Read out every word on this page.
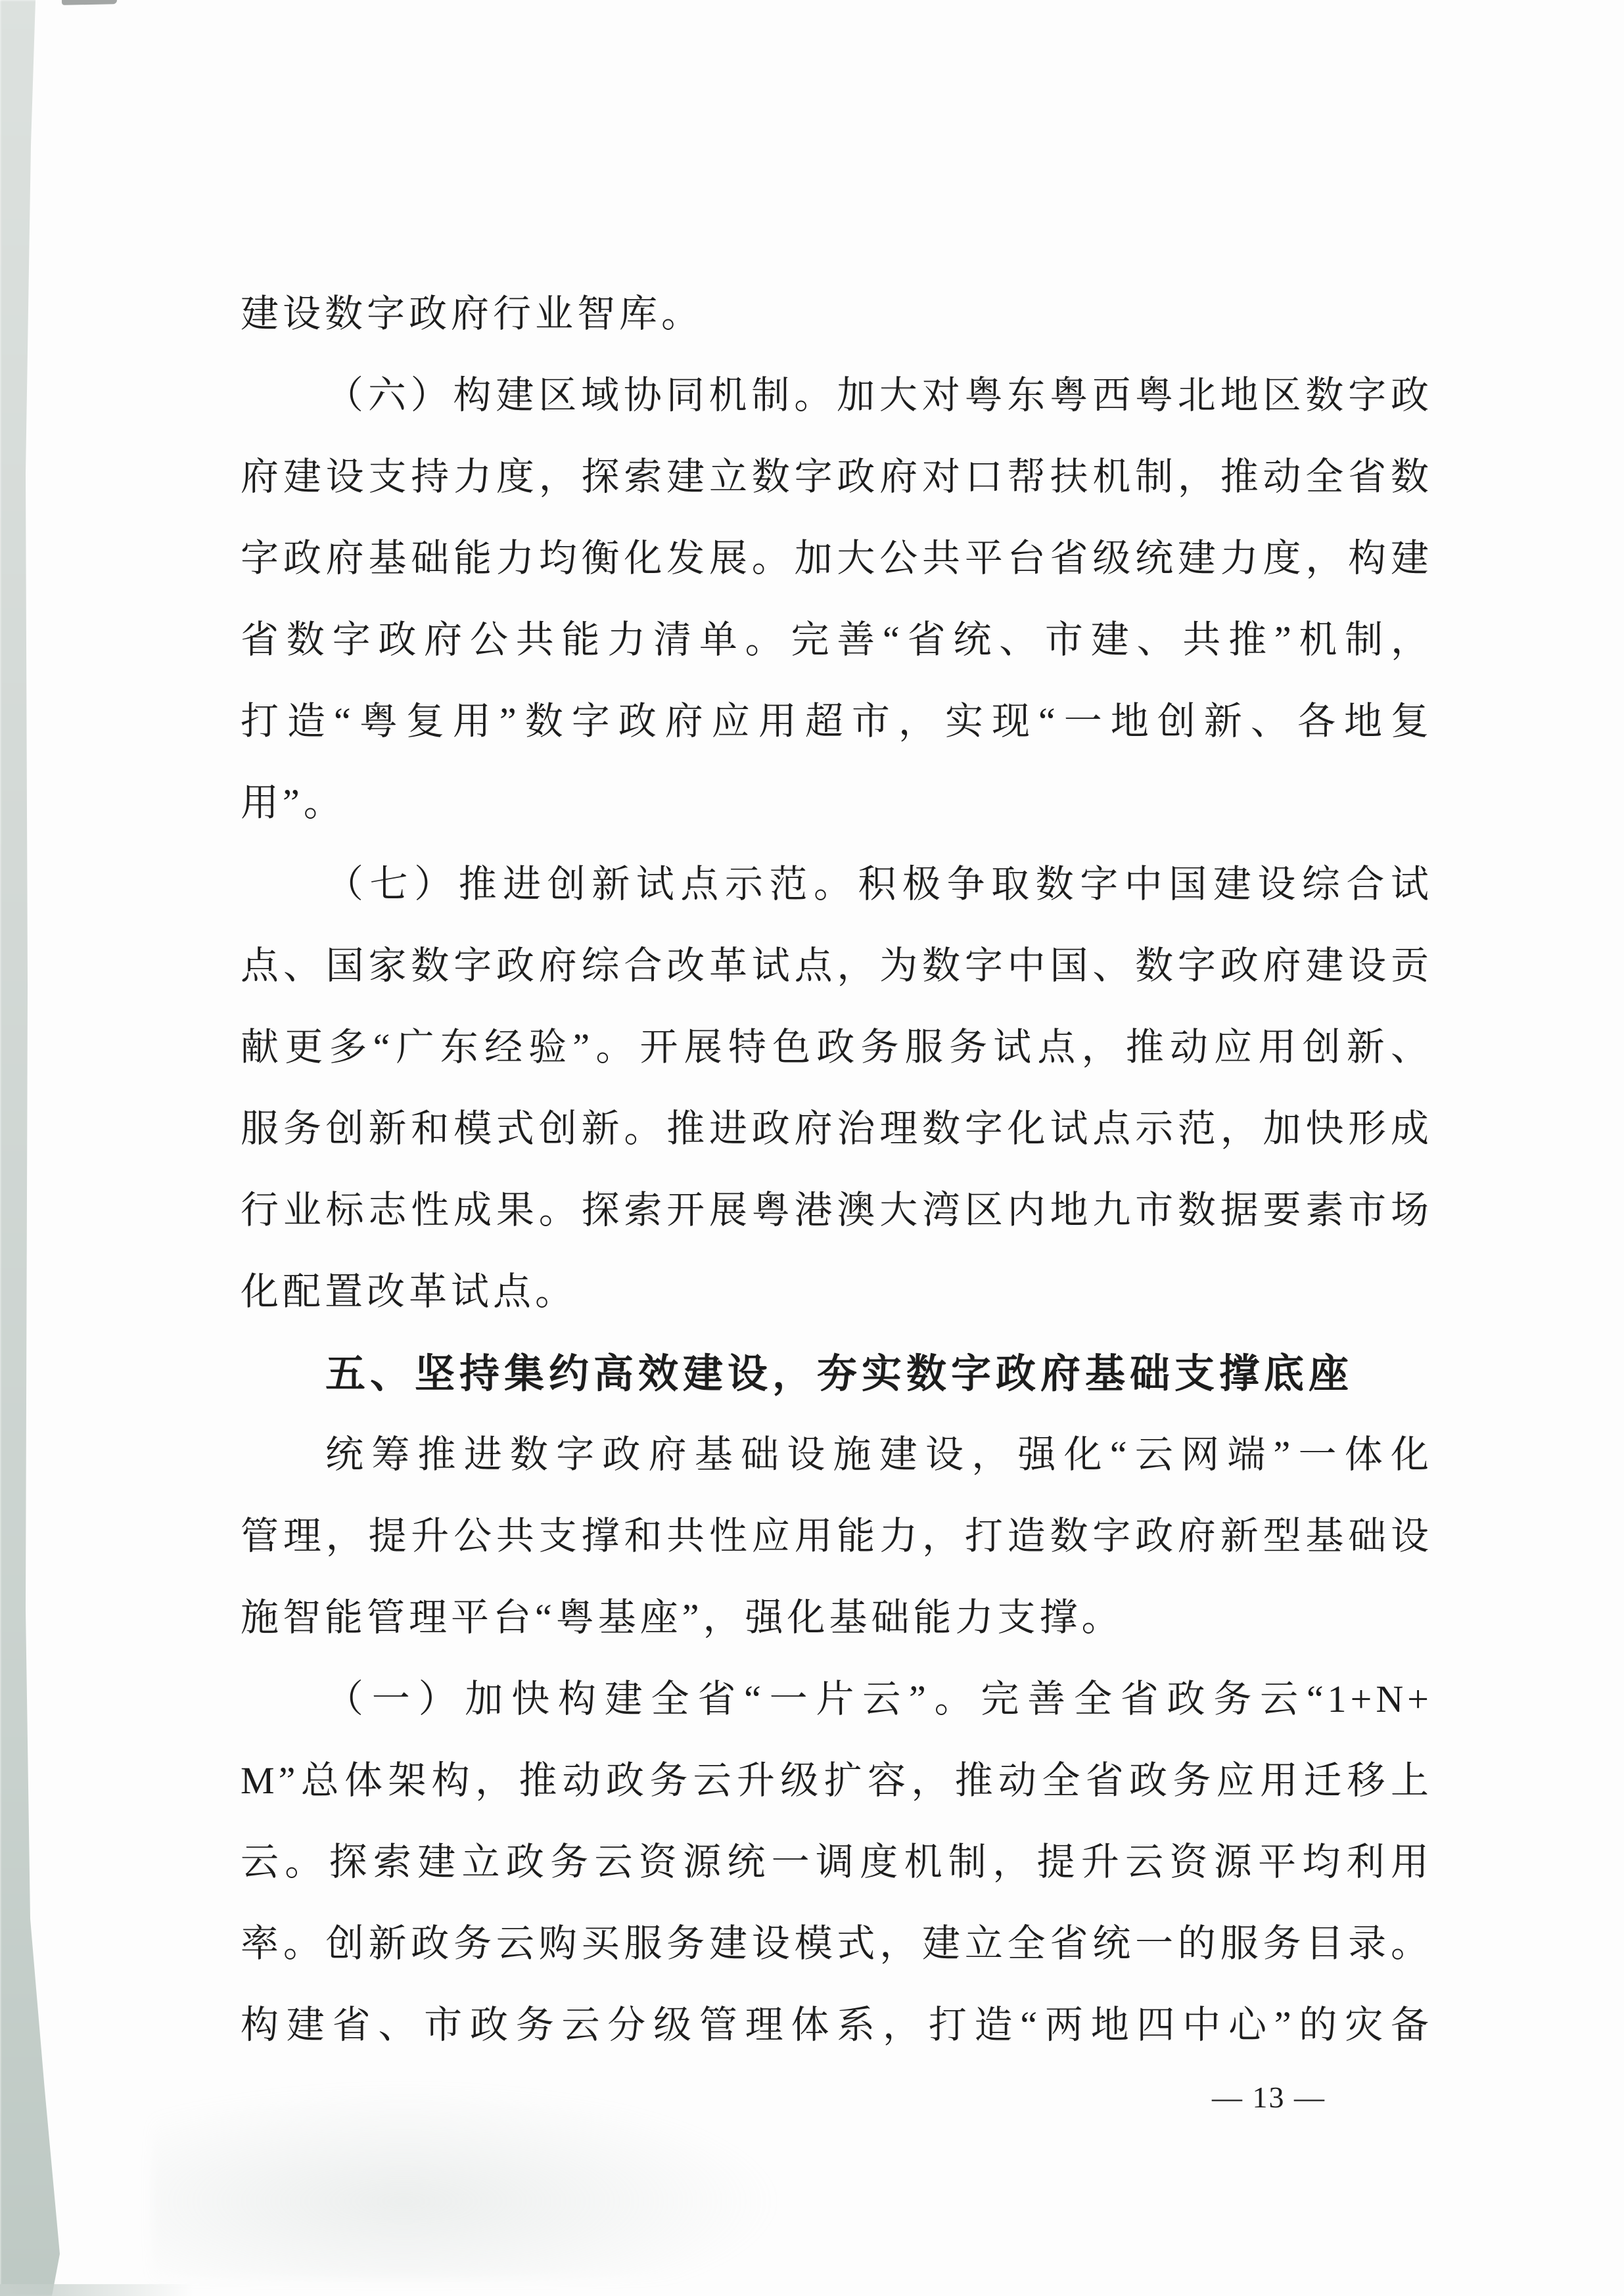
建设数字政府行业智库。
（六）构建区域协同机制。加大对粤东粤西粤北地区数字政
府建设支持力度，探索建立数字政府对口帮扶机制，推动全省数
字政府基础能力均衡化发展。加大公共平台省级统建力度，构建
省数字政府公共能力清单。完善“省统、市建、共推”机制，
打造“粤复用”数字政府应用超市，实现“一地创新、各地复
用”。
（七）推进创新试点示范。积极争取数字中国建设综合试
点、国家数字政府综合改革试点，为数字中国、数字政府建设贡
献更多“广东经验”。开展特色政务服务试点，推动应用创新、
服务创新和模式创新。推进政府治理数字化试点示范，加快形成
行业标志性成果。探索开展粤港澳大湾区内地九市数据要素市场
化配置改革试点。
五、坚持集约高效建设，夯实数字政府基础支撑底座
统筹推进数字政府基础设施建设，强化“云网端”一体化
管理，提升公共支撑和共性应用能力，打造数字政府新型基础设
施智能管理平台“粤基座”，强化基础能力支撑。
（一）加快构建全省“一片云”。完善全省政务云“1+N+
M”总体架构，推动政务云升级扩容，推动全省政务应用迁移上
云。探索建立政务云资源统一调度机制，提升云资源平均利用
率。创新政务云购买服务建设模式，建立全省统一的服务目录。
构建省、市政务云分级管理体系，打造“两地四中心”的灾备
— 13 —
